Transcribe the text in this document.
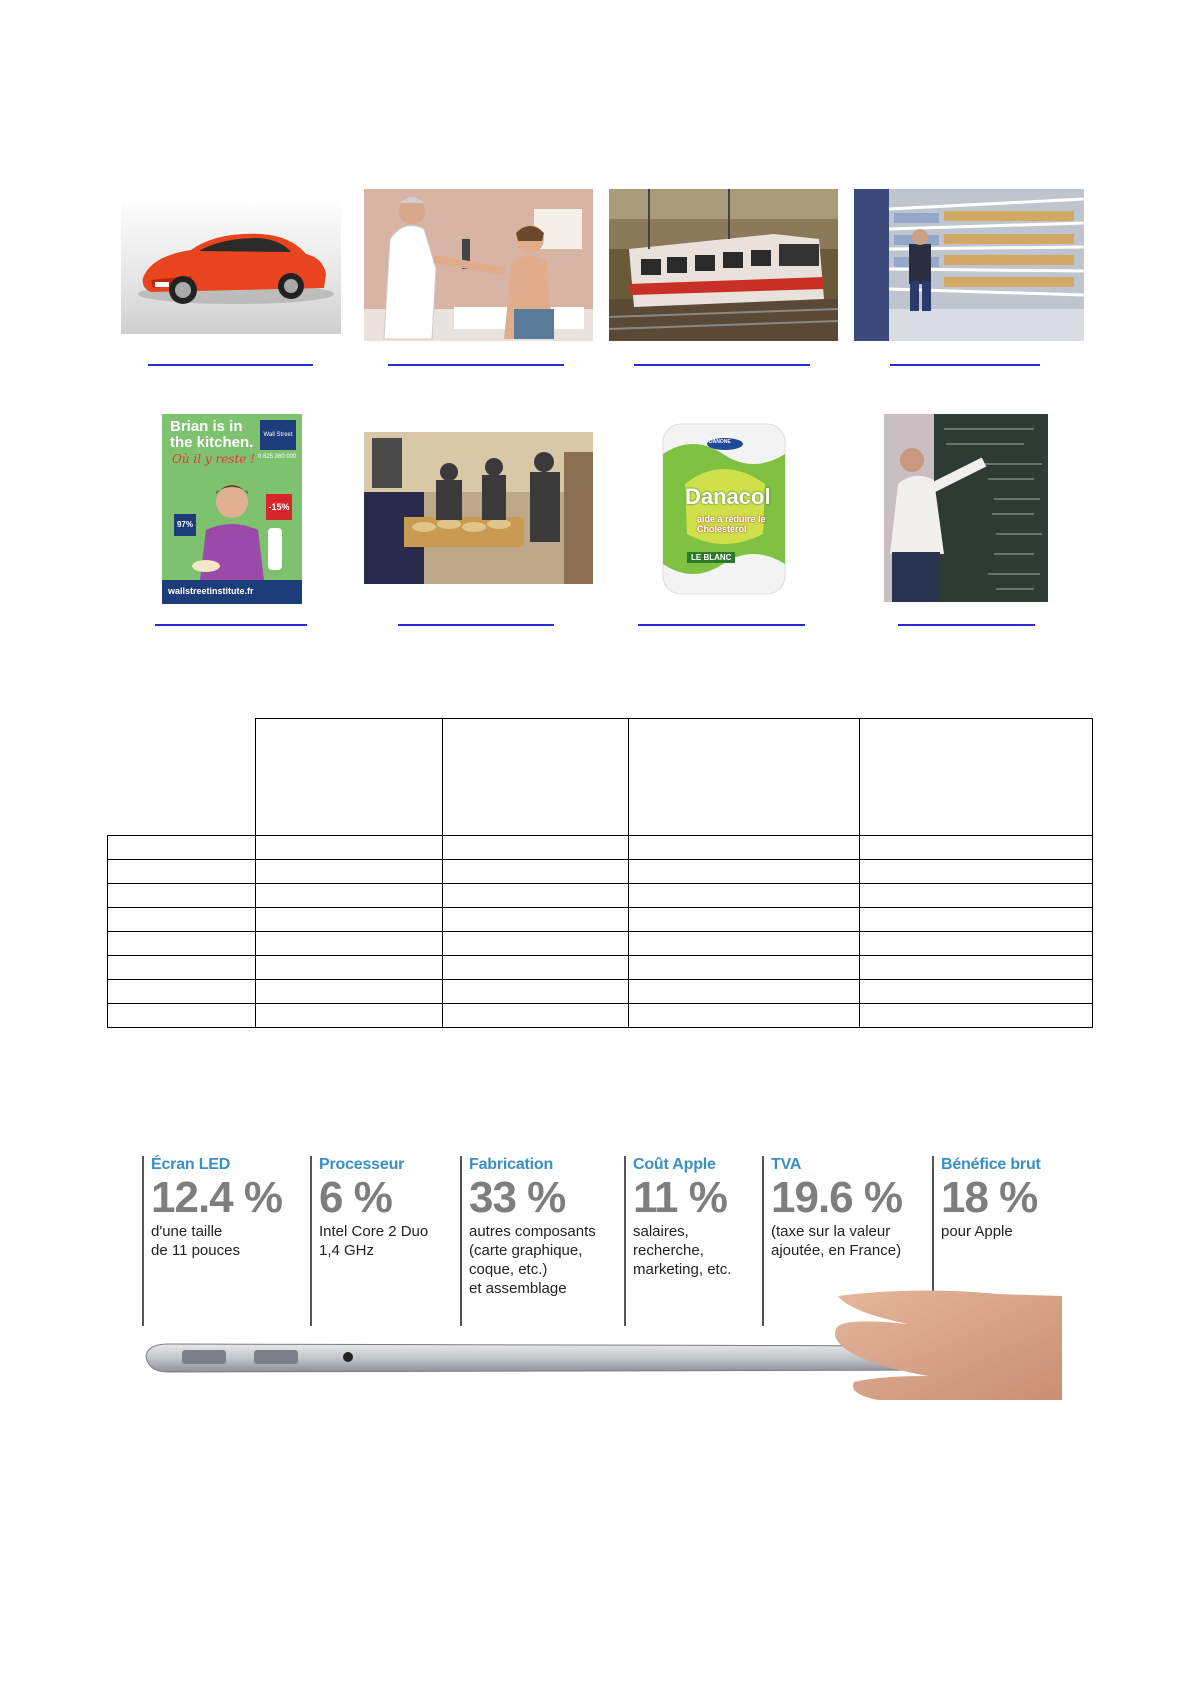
Brian is in
the kitchen.
Où il y reste !
Wall Street
0 825 360 000
-15%
97%
wallstreetinstitute.fr
DANONE
Danacol
aide à réduire le Cholestérol
LE BLANC

Écran LED
12.4 %
d'une taille
de 11 pouces
Processeur
6 %
Intel Core 2 Duo
1,4 GHz
Fabrication
33 %
autres composants
(carte graphique,
coque, etc.)
et assemblage
Coût Apple
11 %
salaires,
recherche,
marketing, etc.
TVA
19.6 %
(taxe sur la valeur
ajoutée, en France)
Bénéfice brut
18 %
pour Apple
